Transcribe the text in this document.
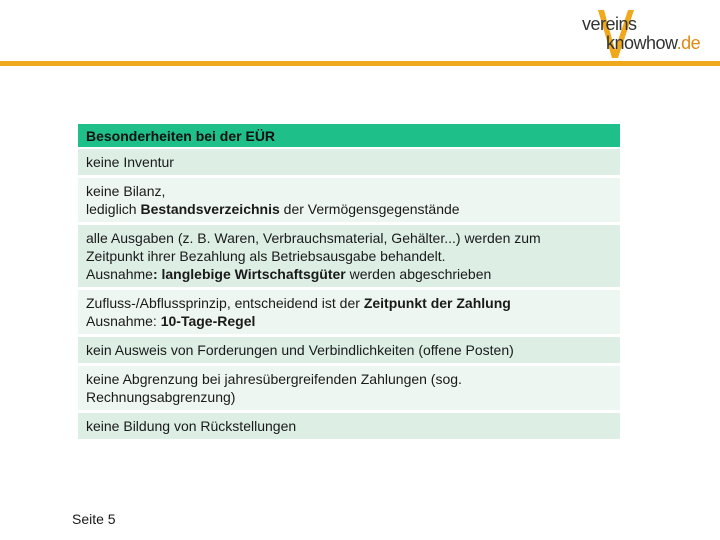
vereins
knowhow.de
Besonderheiten bei der EÜR
keine Inventur
keine Bilanz,
lediglich Bestandsverzeichnis der Vermögensgegenstände
alle Ausgaben (z. B. Waren, Verbrauchsmaterial, Gehälter...) werden zum
Zeitpunkt ihrer Bezahlung als Betriebsausgabe behandelt.
Ausnahme: langlebige Wirtschaftsgüter werden abgeschrieben
Zufluss-/Abflussprinzip, entscheidend ist der Zeitpunkt der Zahlung
Ausnahme: 10-Tage-Regel
kein Ausweis von Forderungen und Verbindlichkeiten (offene Posten)
keine Abgrenzung bei jahresübergreifenden Zahlungen (sog.
Rechnungsabgrenzung)
keine Bildung von Rückstellungen
Seite 5
